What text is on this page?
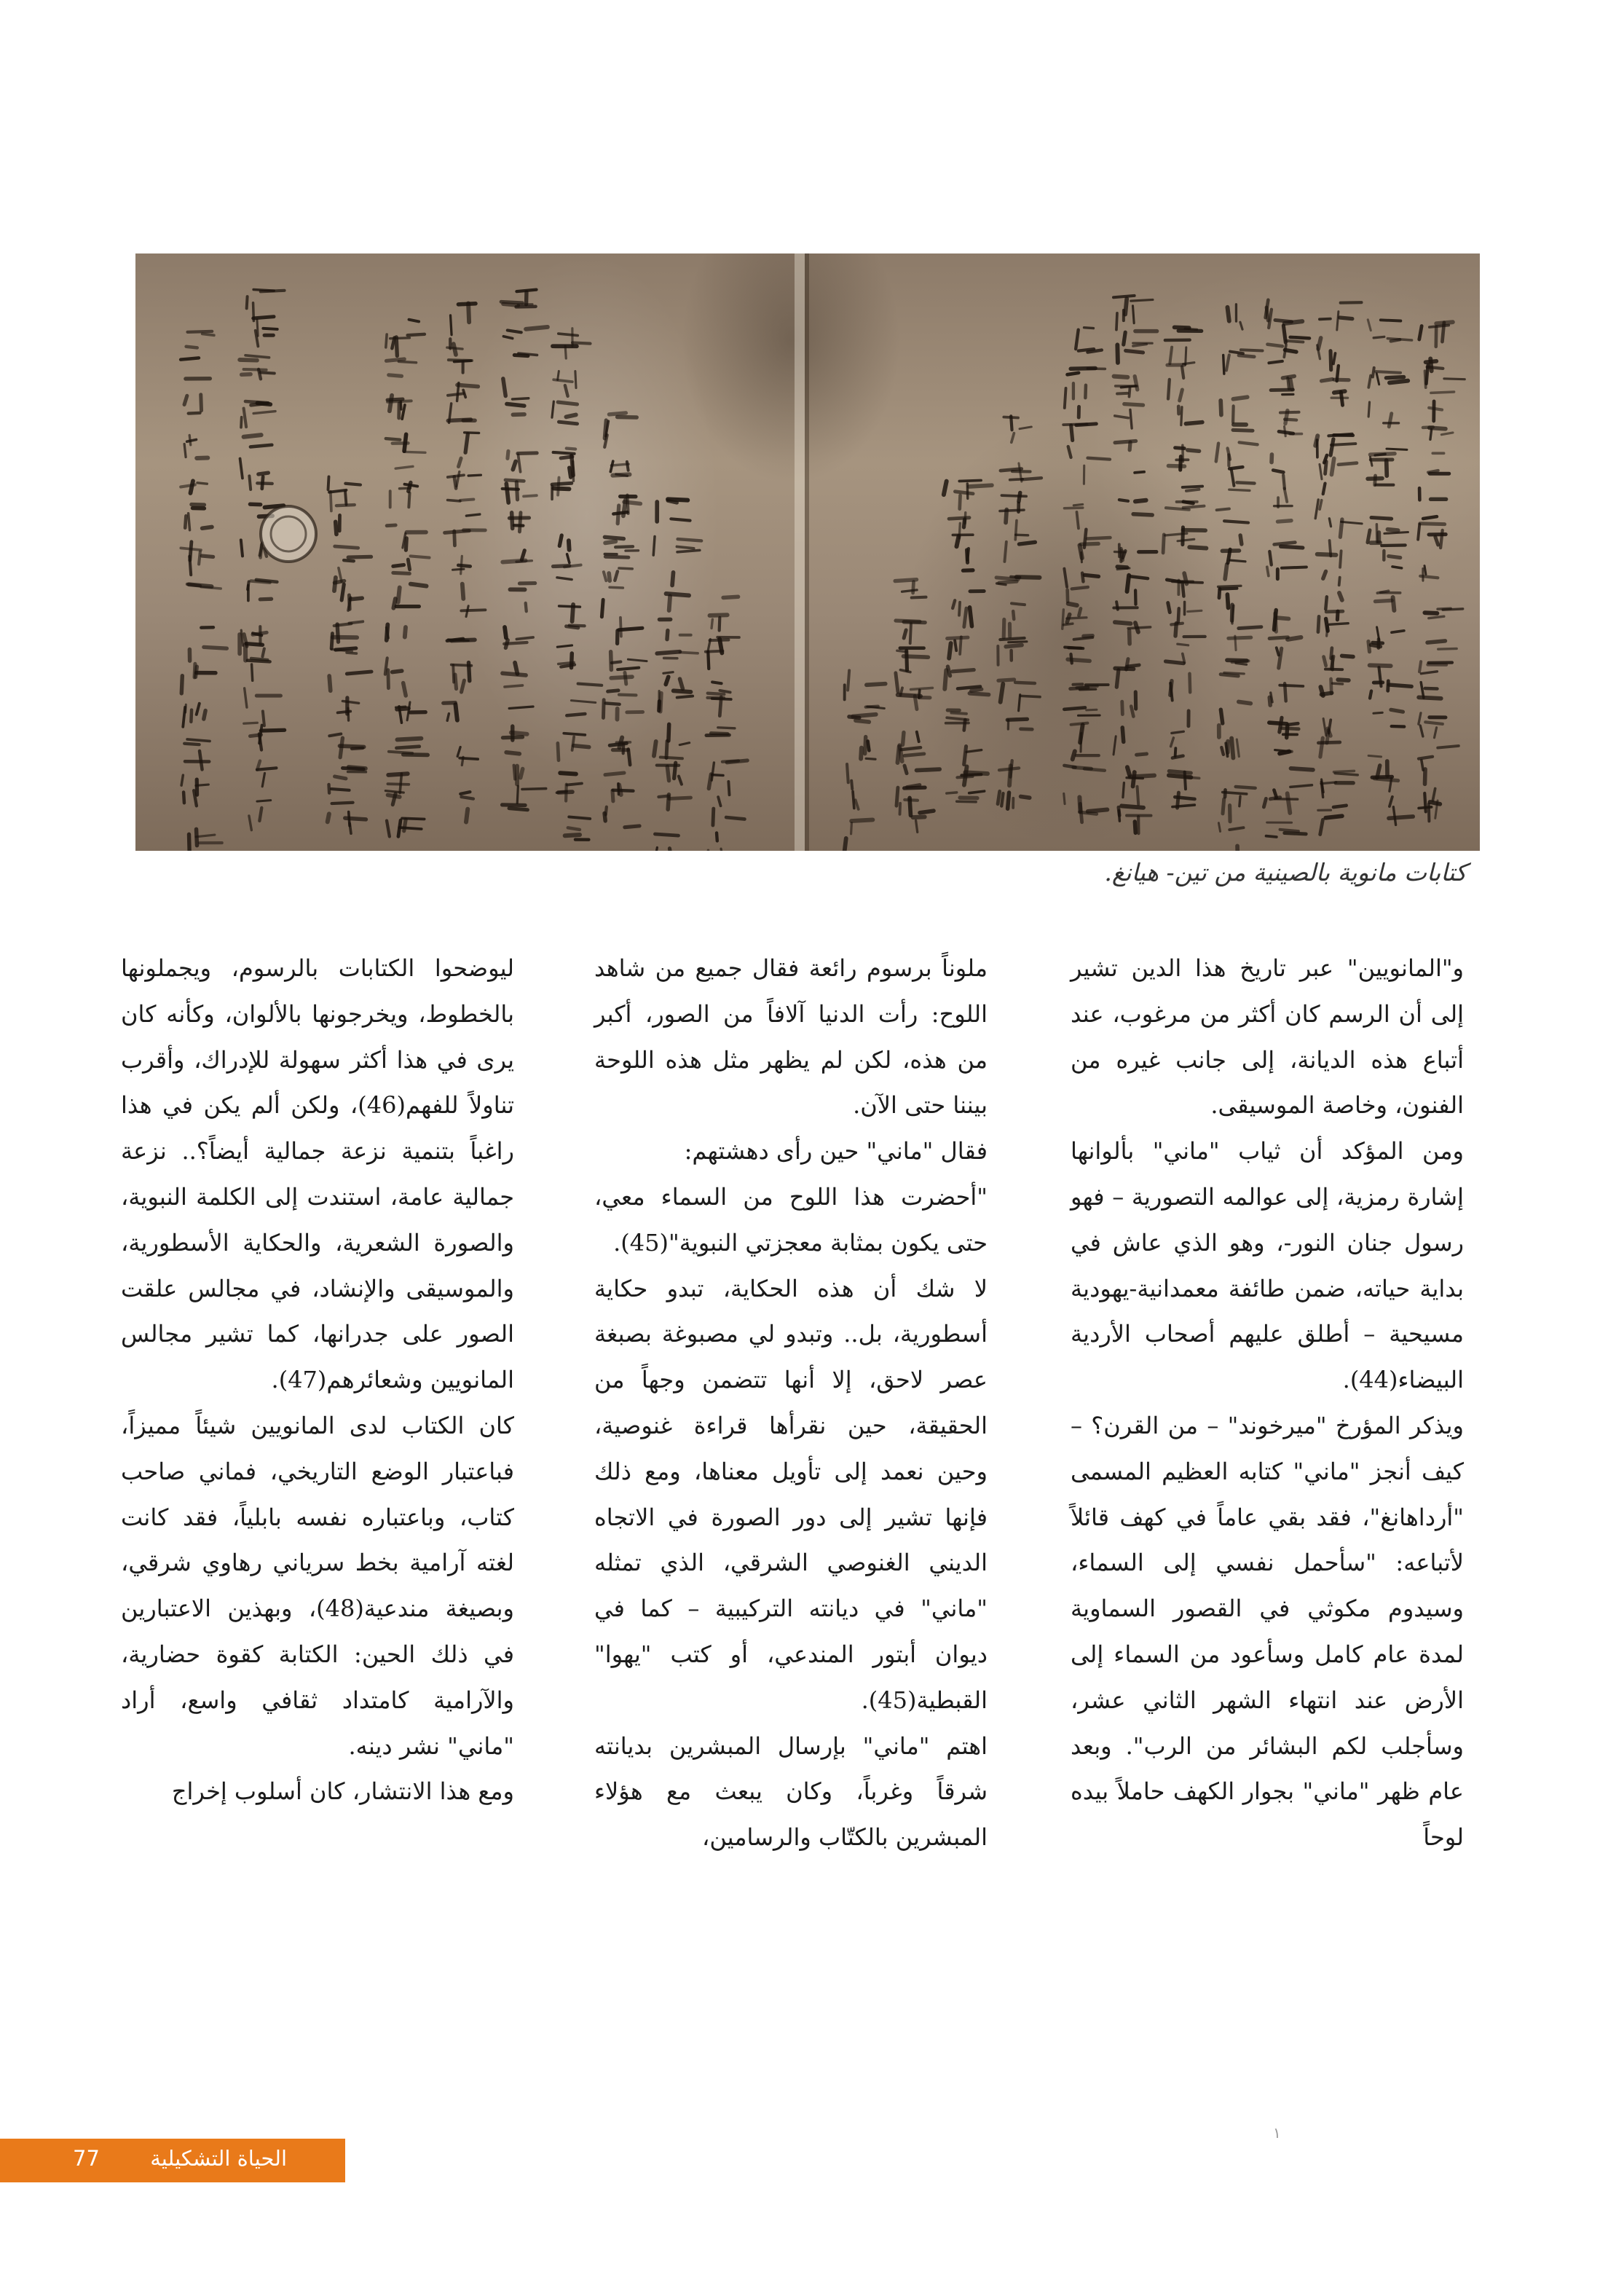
كتابات مانوية بالصينية من تين- هيانغ.

و"المانويين" عبر تاريخ هذا الدين تشير إلى أن الرسم كان أكثر من مرغوب، عند أتباع هذه الديانة، إلى جانب غيره من الفنون، وخاصة الموسيقى.

ومن المؤكد أن ثياب "ماني" بألوانها إشارة رمزية، إلى عوالمه التصورية – فهو رسول جنان النور-، وهو الذي عاش في بداية حياته، ضمن طائفة معمدانية-يهودية مسيحية – أطلق عليهم أصحاب الأردية البيضاء(44).

ويذكر المؤرخ "ميرخوند" – من القرن؟ – كيف أنجز "ماني" كتابه العظيم المسمى "أرداهانغ"، فقد بقي عاماً في كهف قائلاً لأتباعه: "سأحمل نفسي إلى السماء، وسيدوم مكوثي في القصور السماوية لمدة عام كامل وسأعود من السماء إلى الأرض عند انتهاء الشهر الثاني عشر، وسأجلب لكم البشائر من الرب". وبعد عام ظهر "ماني" بجوار الكهف حاملاً بيده لوحاً

ملوناً برسوم رائعة فقال جميع من شاهد اللوح: رأت الدنيا آلافاً من الصور، أكبر من هذه، لكن لم يظهر مثل هذه اللوحة بيننا حتى الآن.

فقال "ماني" حين رأى دهشتهم:

"أحضرت هذا اللوح من السماء معي، حتى يكون بمثابة معجزتي النبوية"(45).

لا شك أن هذه الحكاية، تبدو حكاية أسطورية، بل.. وتبدو لي مصبوغة بصبغة عصر لاحق، إلا أنها تتضمن وجهاً من الحقيقة، حين نقرأها قراءة غنوصية، وحين نعمد إلى تأويل معناها، ومع ذلك فإنها تشير إلى دور الصورة في الاتجاه الديني الغنوصي الشرقي، الذي تمثله "ماني" في ديانته التركيبية – كما في ديوان أبتور المندعي، أو كتب "يهوا" القبطية(45).

اهتم "ماني" بإرسال المبشرين بديانته شرقاً وغرباً، وكان يبعث مع هؤلاء المبشرين بالكتّاب والرسامين،

ليوضحوا الكتابات بالرسوم، ويجملونها بالخطوط، ويخرجونها بالألوان، وكأنه كان يرى في هذا أكثر سهولة للإدراك، وأقرب تناولاً للفهم(46)، ولكن ألم يكن في هذا راغباً بتنمية نزعة جمالية أيضاً؟.. نزعة جمالية عامة، استندت إلى الكلمة النبوية، والصورة الشعرية، والحكاية الأسطورية، والموسيقى والإنشاد، في مجالس علقت الصور على جدرانها، كما تشير مجالس المانويين وشعائرهم(47).

كان الكتاب لدى المانويين شيئاً مميزاً، فباعتبار الوضع التاريخي، فماني صاحب كتاب، وباعتباره نفسه بابلياً، فقد كانت لغته آرامية بخط سرياني رهاوي شرقي، وبصيغة مندعية(48)، وبهذين الاعتبارين في ذلك الحين: الكتابة كقوة حضارية، والآرامية كامتداد ثقافي واسع، أراد "ماني" نشر دينه.

ومع هذا الانتشار، كان أسلوب إخراج

الحياة التشكيلية
77
١
